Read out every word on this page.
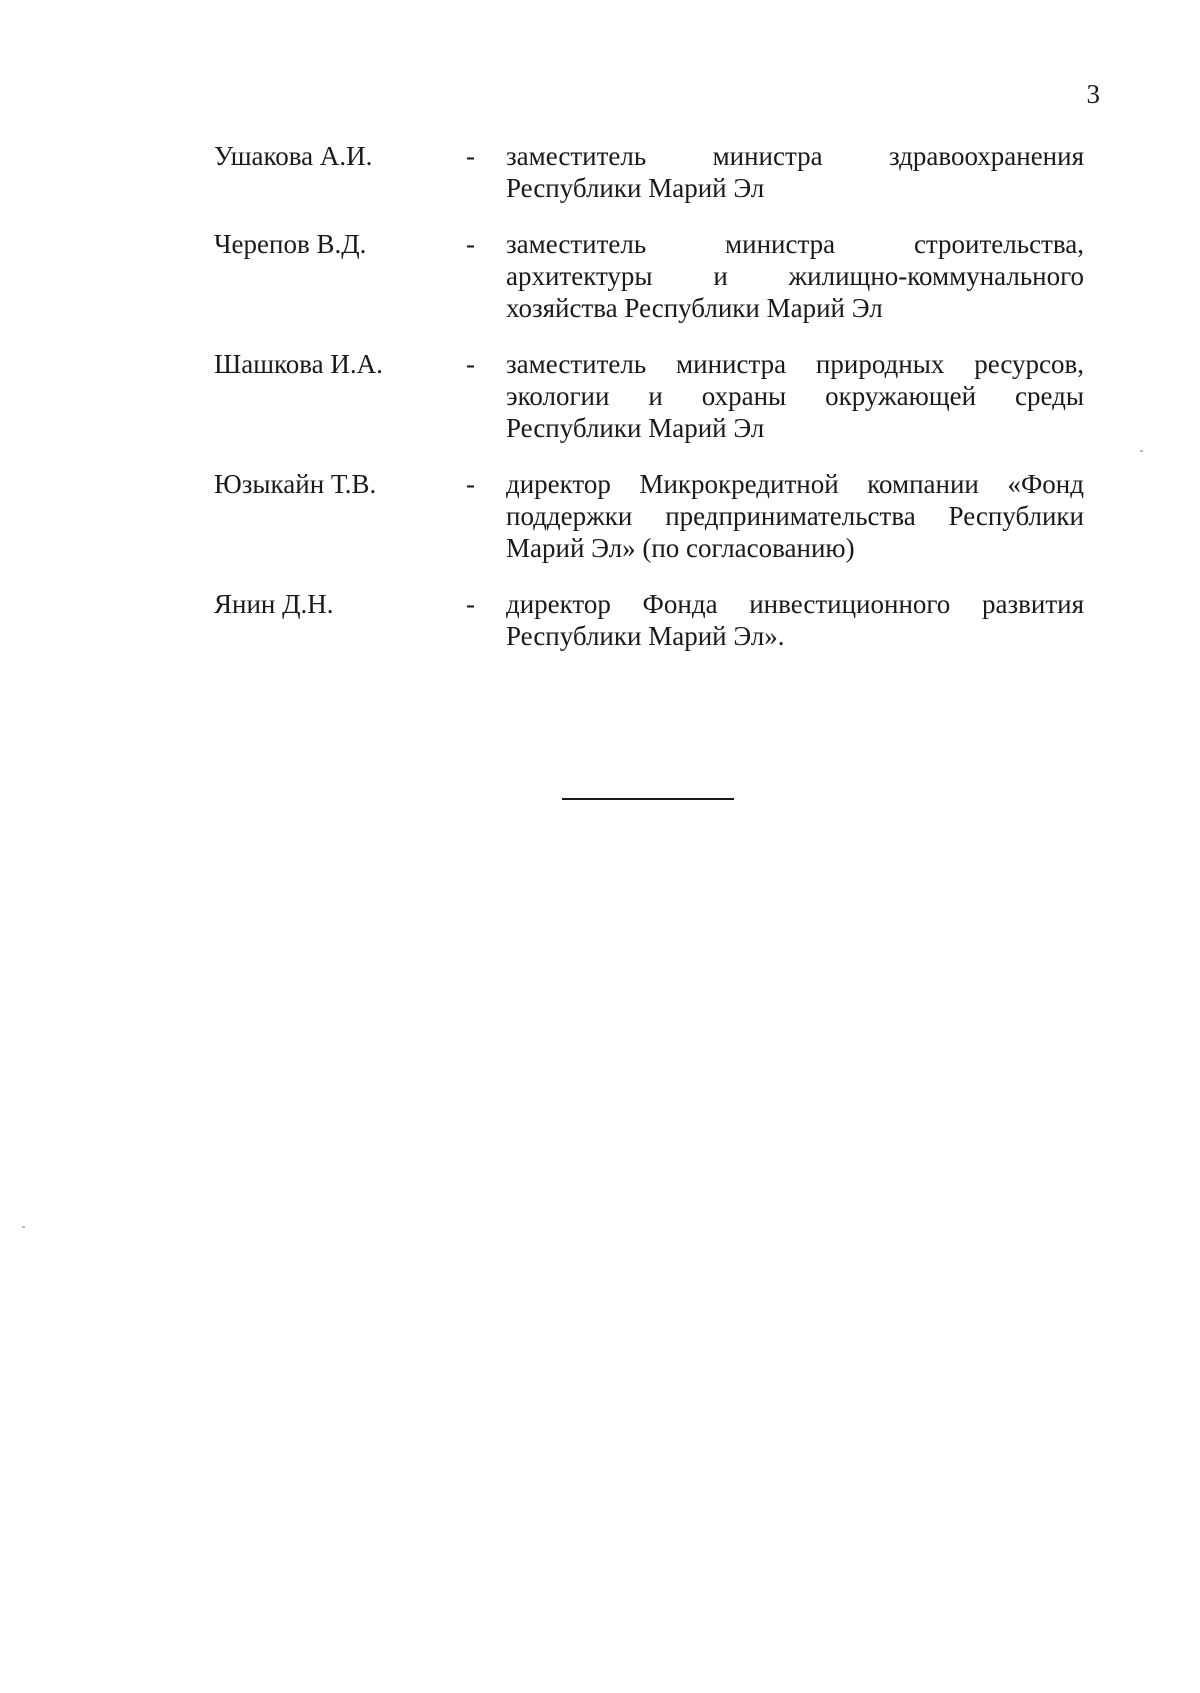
3
Ушакова А.И.	- заместитель министра здравоохранения
Республики Марий Эл
Черепов В.Д.	- заместитель министра строительства,
архитектуры и жилищно-коммунального
хозяйства Республики Марий Эл
Шашкова И.А.	- заместитель министра природных ресурсов,
экологии и охраны окружающей среды
Республики Марий Эл
Юзыкайн Т.В.	- директор Микрокредитной компании «Фонд
поддержки предпринимательства Республики
Марий Эл» (по согласованию)
Янин Д.Н.	- директор Фонда инвестиционного развития
Республики Марий Эл».
